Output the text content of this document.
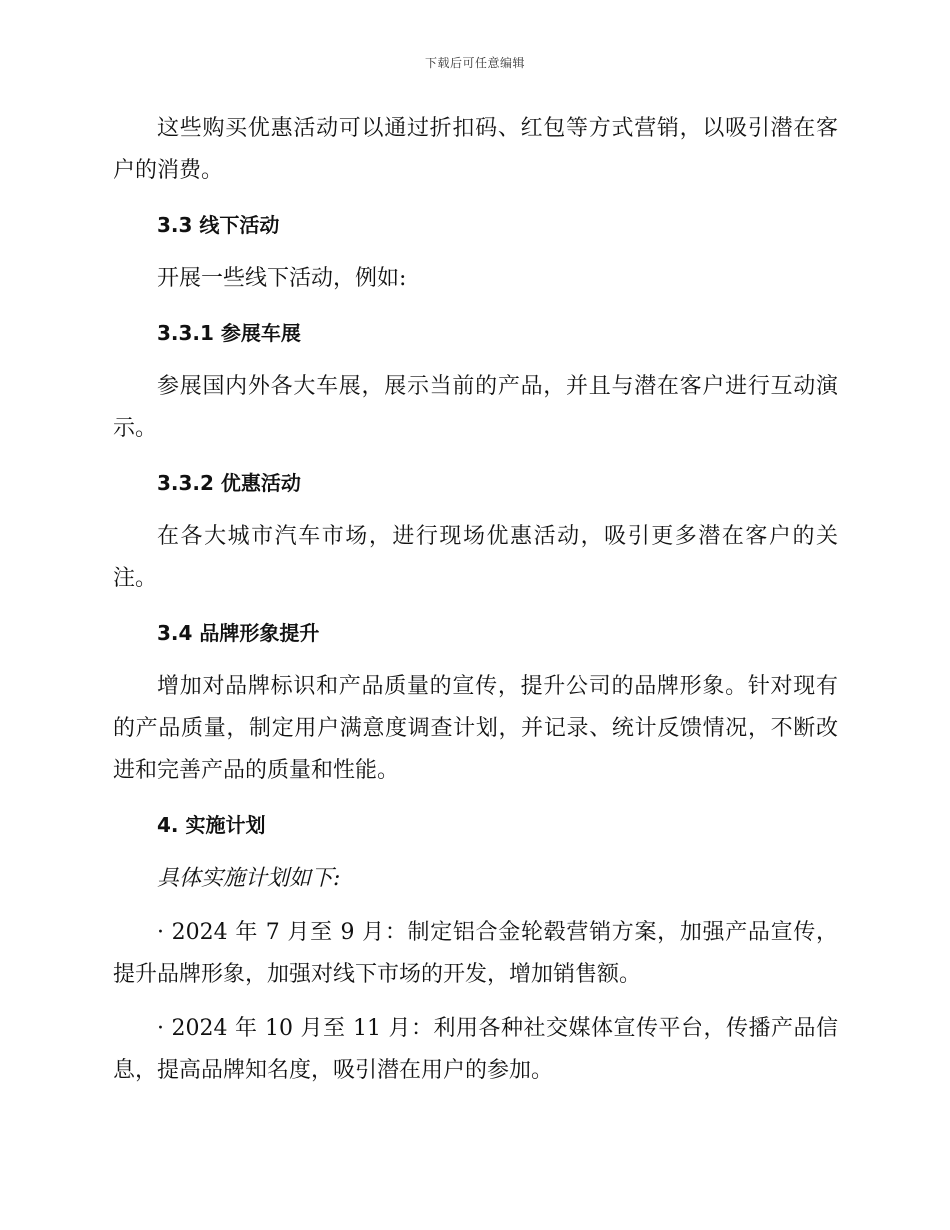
下载后可任意编辑

这些购买优惠活动可以通过折扣码、红包等方式营销，以吸引潜在客户的消费。

3.3 线下活动

开展一些线下活动，例如:

3.3.1 参展车展

参展国内外各大车展，展示当前的产品，并且与潜在客户进行互动演示。

3.3.2 优惠活动

在各大城市汽车市场，进行现场优惠活动，吸引更多潜在客户的关注。

3.4 品牌形象提升

增加对品牌标识和产品质量的宣传，提升公司的品牌形象。针对现有的产品质量，制定用户满意度调查计划，并记录、统计反馈情况，不断改进和完善产品的质量和性能。

4. 实施计划

具体实施计划如下:

· 2024 年 7 月至 9 月：制定铝合金轮毂营销方案，加强产品宣传，提升品牌形象，加强对线下市场的开发，增加销售额。

· 2024 年 10 月至 11 月：利用各种社交媒体宣传平台，传播产品信息，提高品牌知名度，吸引潜在用户的参加。
